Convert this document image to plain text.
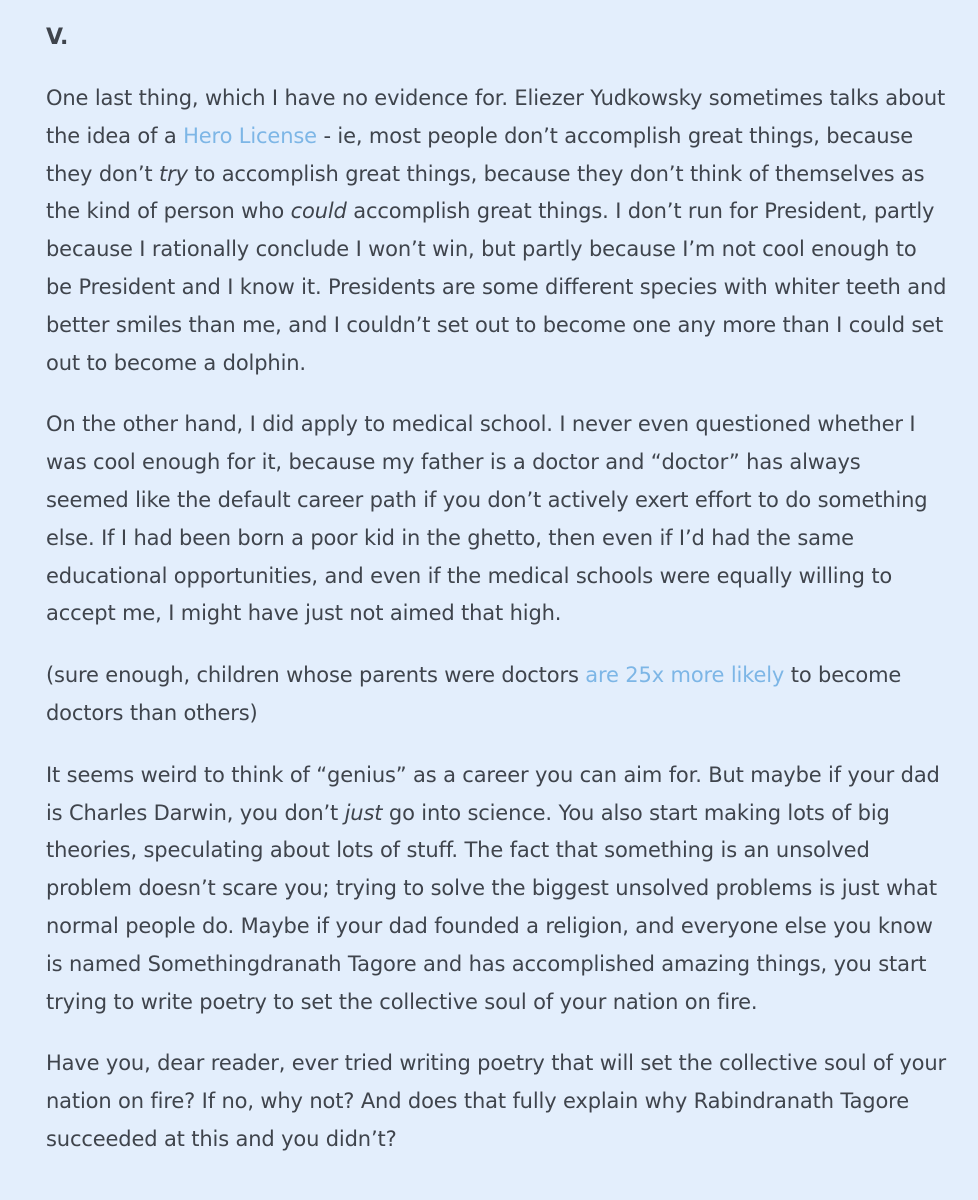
V.

One last thing, which I have no evidence for. Eliezer Yudkowsky sometimes talks about the idea of a Hero License - ie, most people don’t accomplish great things, because they don’t try to accomplish great things, because they don’t think of themselves as the kind of person who could accomplish great things. I don’t run for President, partly because I rationally conclude I won’t win, but partly because I’m not cool enough to be President and I know it. Presidents are some different species with whiter teeth and better smiles than me, and I couldn’t set out to become one any more than I could set out to become a dolphin.

On the other hand, I did apply to medical school. I never even questioned whether I was cool enough for it, because my father is a doctor and “doctor” has always seemed like the default career path if you don’t actively exert effort to do something else. If I had been born a poor kid in the ghetto, then even if I’d had the same educational opportunities, and even if the medical schools were equally willing to accept me, I might have just not aimed that high.

(sure enough, children whose parents were doctors are 25x more likely to become doctors than others)

It seems weird to think of “genius” as a career you can aim for. But maybe if your dad is Charles Darwin, you don’t just go into science. You also start making lots of big theories, speculating about lots of stuff. The fact that something is an unsolved problem doesn’t scare you; trying to solve the biggest unsolved problems is just what normal people do. Maybe if your dad founded a religion, and everyone else you know is named Somethingdranath Tagore and has accomplished amazing things, you start trying to write poetry to set the collective soul of your nation on fire.

Have you, dear reader, ever tried writing poetry that will set the collective soul of your nation on fire? If no, why not? And does that fully explain why Rabindranath Tagore succeeded at this and you didn’t?
